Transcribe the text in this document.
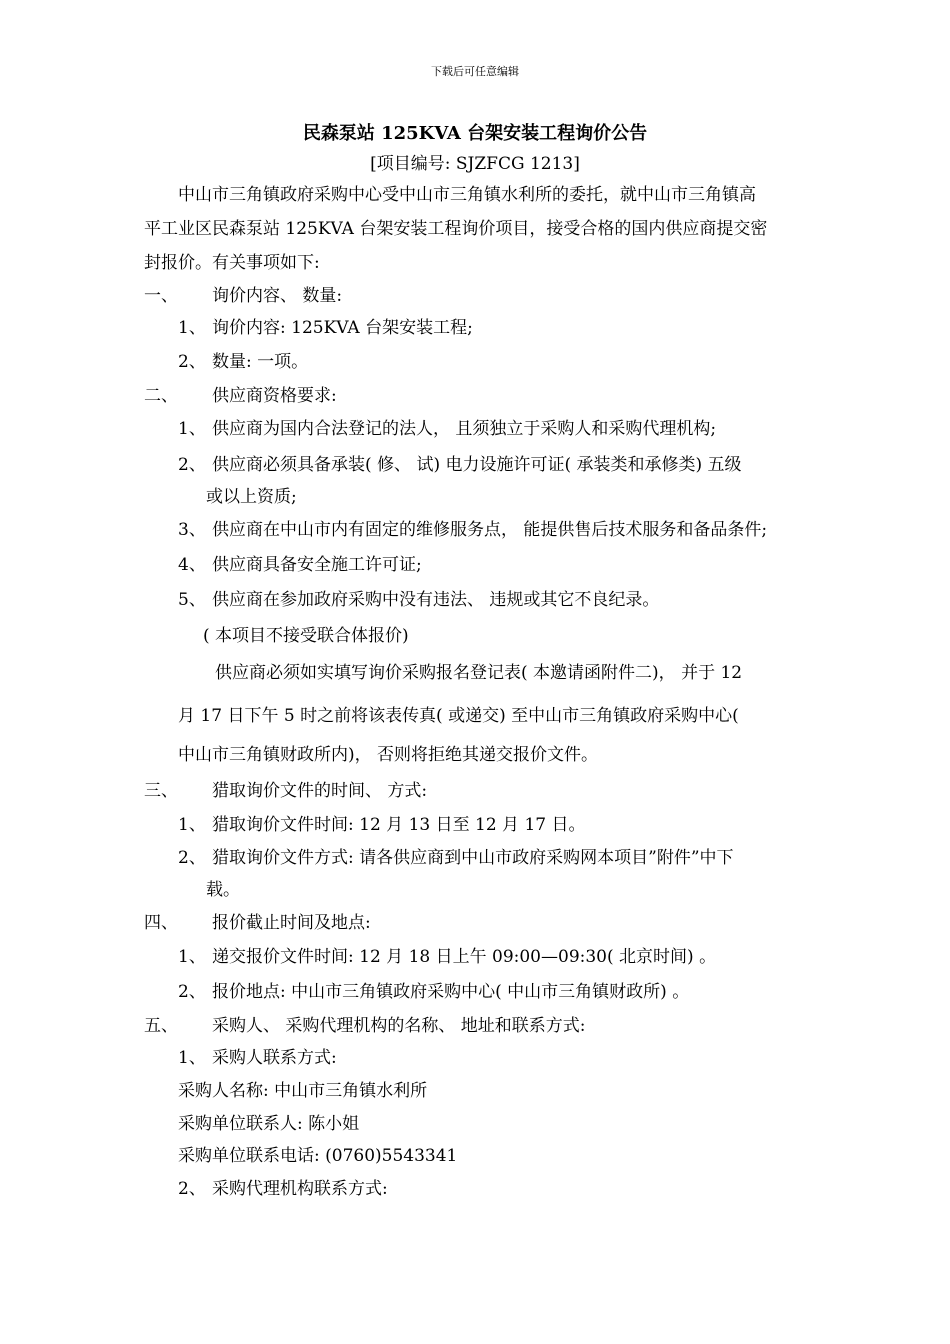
下载后可任意编辑
民森泵站 125KVA 台架安装工程询价公告
[项目编号: SJZFCG 1213]
中山市三角镇政府采购中心受中山市三角镇水利所的委托，就中山市三角镇高
平工业区民森泵站 125KVA 台架安装工程询价项目，接受合格的国内供应商提交密
封报价。有关事项如下:
一、 询价内容、 数量:
1、 询价内容: 125KVA 台架安装工程;
2、 数量: 一项。
二、 供应商资格要求:
1、 供应商为国内合法登记的法人， 且须独立于采购人和采购代理机构;
2、 供应商必须具备承装( 修、 试) 电力设施许可证( 承装类和承修类) 五级
或以上资质;
3、 供应商在中山市内有固定的维修服务点， 能提供售后技术服务和备品条件;
4、 供应商具备安全施工许可证;
5、 供应商在参加政府采购中没有违法、 违规或其它不良纪录。
( 本项目不接受联合体报价)
供应商必须如实填写询价采购报名登记表( 本邀请函附件二)， 并于 12
月 17 日下午 5 时之前将该表传真( 或递交) 至中山市三角镇政府采购中心(
中山市三角镇财政所内)， 否则将拒绝其递交报价文件。
三、 猎取询价文件的时间、 方式:
1、 猎取询价文件时间: 12 月 13 日至 12 月 17 日。
2、 猎取询价文件方式: 请各供应商到中山市政府采购网本项目”附件”中下
载。
四、 报价截止时间及地点:
1、 递交报价文件时间: 12 月 18 日上午 09:00—09:30( 北京时间) 。
2、 报价地点: 中山市三角镇政府采购中心( 中山市三角镇财政所) 。
五、 采购人、 采购代理机构的名称、 地址和联系方式:
1、 采购人联系方式:
采购人名称: 中山市三角镇水利所
采购单位联系人: 陈小姐
采购单位联系电话: (0760)5543341
2、 采购代理机构联系方式:
